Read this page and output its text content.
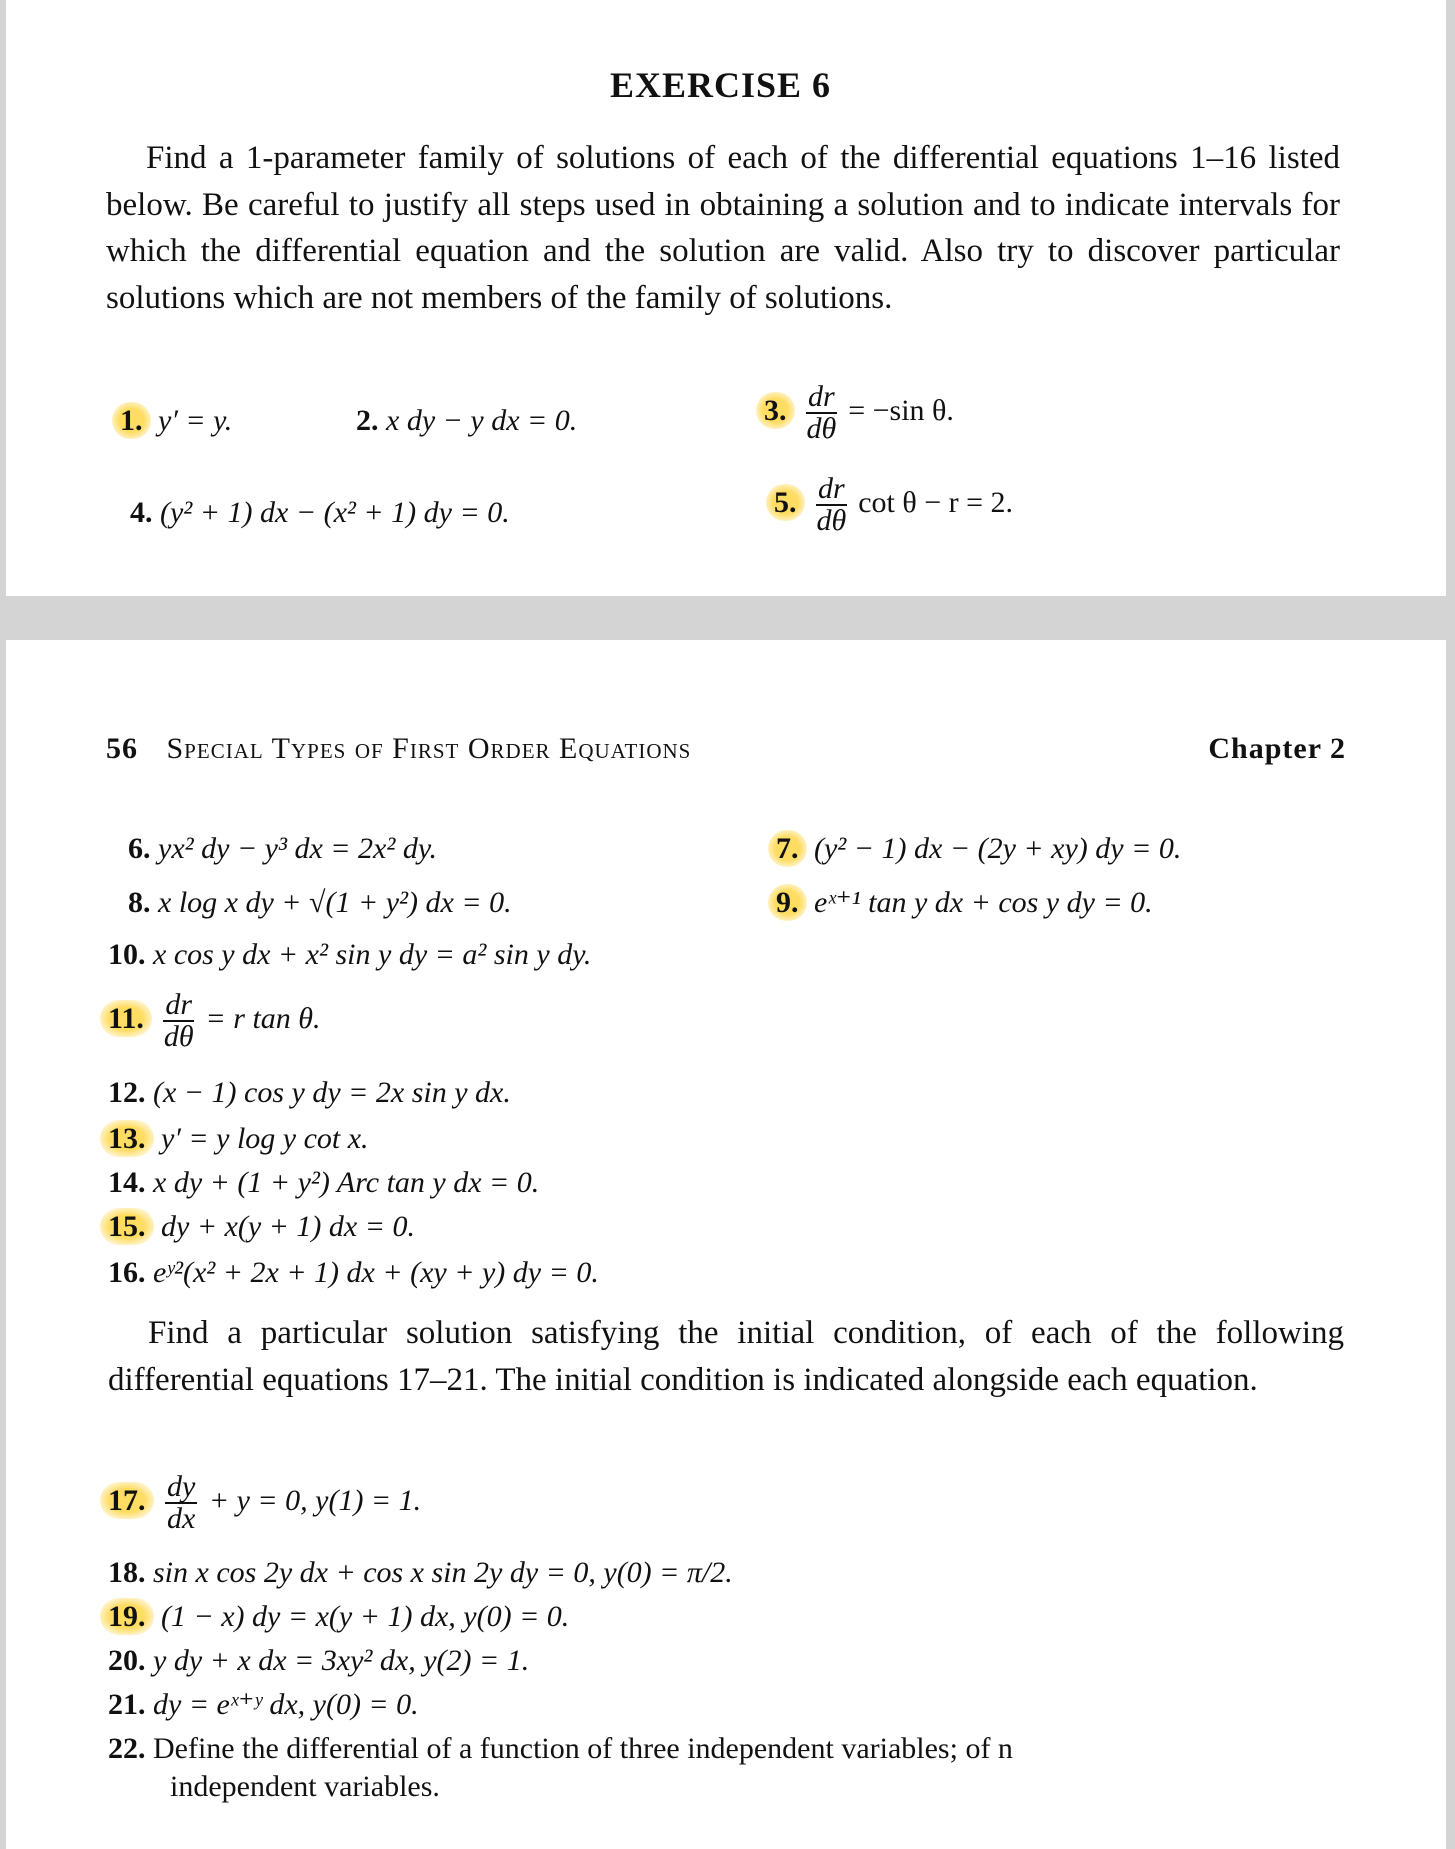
EXERCISE 6
Find a 1-parameter family of solutions of each of the differential equations 1–16 listed below. Be careful to justify all steps used in obtaining a solution and to indicate intervals for which the differential equation and the solution are valid. Also try to discover particular solutions which are not members of the family of solutions.
1. y′ = y.	2. x dy − y dx = 0.	3. $\frac{dr}{d\theta} = -\sin$ θ.
4. (y² + 1) dx − (x² + 1) dy = 0.	5. $\frac{dr}{d\theta}$ cot θ − r = 2.
56 Special Types of First Order Equations	Chapter 2
6. yx² dy − y³ dx = 2x² dy.	7. (y² − 1) dx − (2y + xy) dy = 0.
8. x log x dy + √(1 + y²) dx = 0.	9. eˣ⁺¹ tan y dx + cos y dy = 0.
10. x cos y dx + x² sin y dy = a² sin y dy.
11. $\frac{dr}{d\theta} = r$ tan θ.
12. (x − 1) cos y dy = 2x sin y dx.
13. y′ = y log y cot x.
14. x dy + (1 + y²) Arc tan y dx = 0.
15. dy + x(y + 1) dx = 0.
16. eʸ²(x² + 2x + 1) dx + (xy + y) dy = 0.
Find a particular solution satisfying the initial condition, of each of the following differential equations 17–21. The initial condition is indicated alongside each equation.
17. $\frac{dy}{dx} + y = 0$, y(1) = 1.
18. sin x cos 2y dx + cos x sin 2y dy = 0, y(0) = π/2.
19. (1 − x) dy = x(y + 1) dx, y(0) = 0.
20. y dy + x dx = 3xy² dx, y(2) = 1.
21. dy = eˣ⁺ʸ dx, y(0) = 0.
22. Define the differential of a function of three independent variables; of n
independent variables.
